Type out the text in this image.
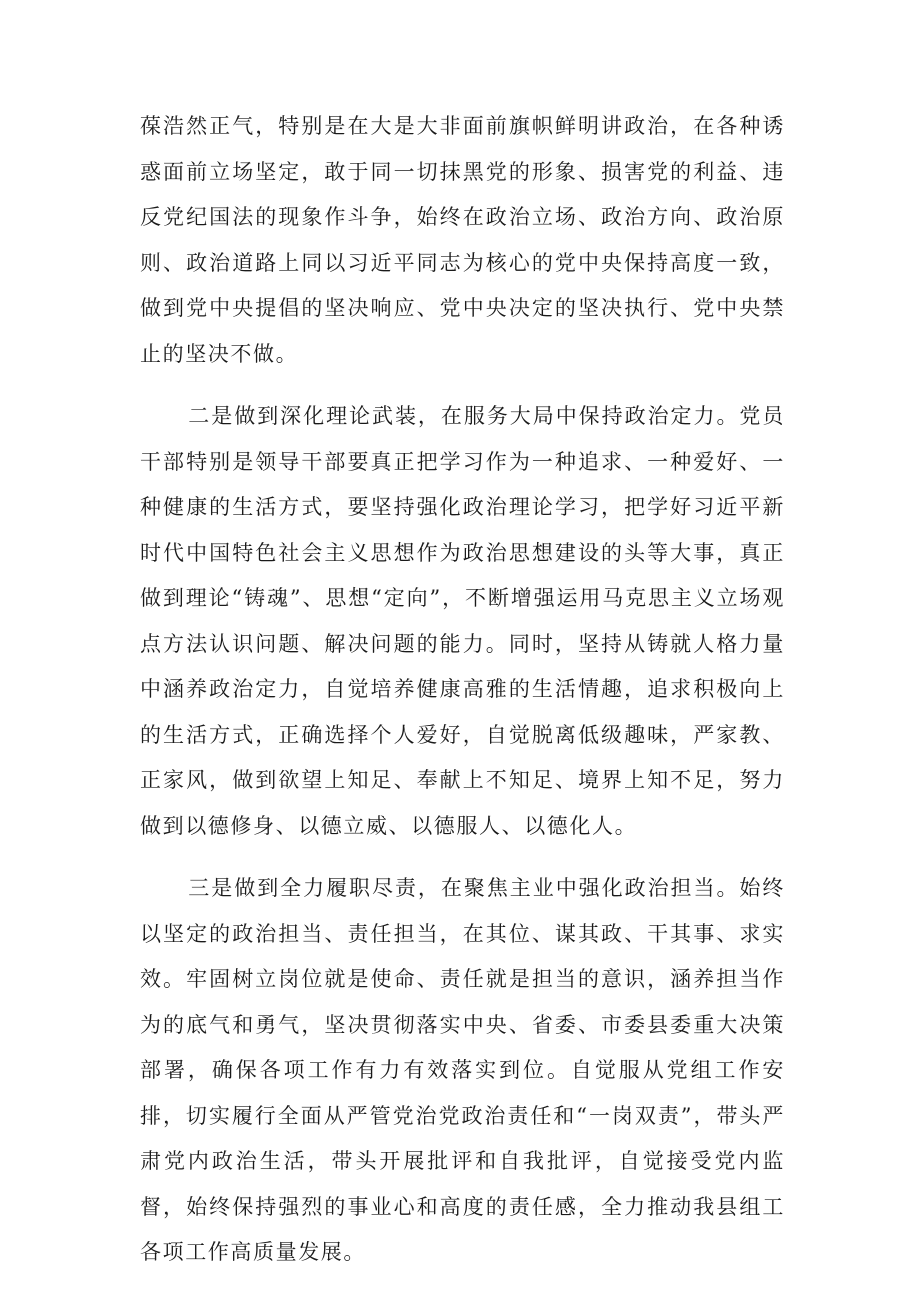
葆浩然正气，特别是在大是大非面前旗帜鲜明讲政治，在各种诱惑面前立场坚定，敢于同一切抹黑党的形象、损害党的利益、违反党纪国法的现象作斗争，始终在政治立场、政治方向、政治原则、政治道路上同以习近平同志为核心的党中央保持高度一致，做到党中央提倡的坚决响应、党中央决定的坚决执行、党中央禁止的坚决不做。

二是做到深化理论武装，在服务大局中保持政治定力。党员干部特别是领导干部要真正把学习作为一种追求、一种爱好、一种健康的生活方式，要坚持强化政治理论学习，把学好习近平新时代中国特色社会主义思想作为政治思想建设的头等大事，真正做到理论“铸魂”、思想“定向”，不断增强运用马克思主义立场观点方法认识问题、解决问题的能力。同时，坚持从铸就人格力量中涵养政治定力，自觉培养健康高雅的生活情趣，追求积极向上的生活方式，正确选择个人爱好，自觉脱离低级趣味，严家教、正家风，做到欲望上知足、奉献上不知足、境界上知不足，努力做到以德修身、以德立威、以德服人、以德化人。

三是做到全力履职尽责，在聚焦主业中强化政治担当。始终以坚定的政治担当、责任担当，在其位、谋其政、干其事、求实效。牢固树立岗位就是使命、责任就是担当的意识，涵养担当作为的底气和勇气，坚决贯彻落实中央、省委、市委县委重大决策部署，确保各项工作有力有效落实到位。自觉服从党组工作安排，切实履行全面从严管党治党政治责任和“一岗双责”，带头严肃党内政治生活，带头开展批评和自我批评，自觉接受党内监督，始终保持强烈的事业心和高度的责任感，全力推动我县组工各项工作高质量发展。
